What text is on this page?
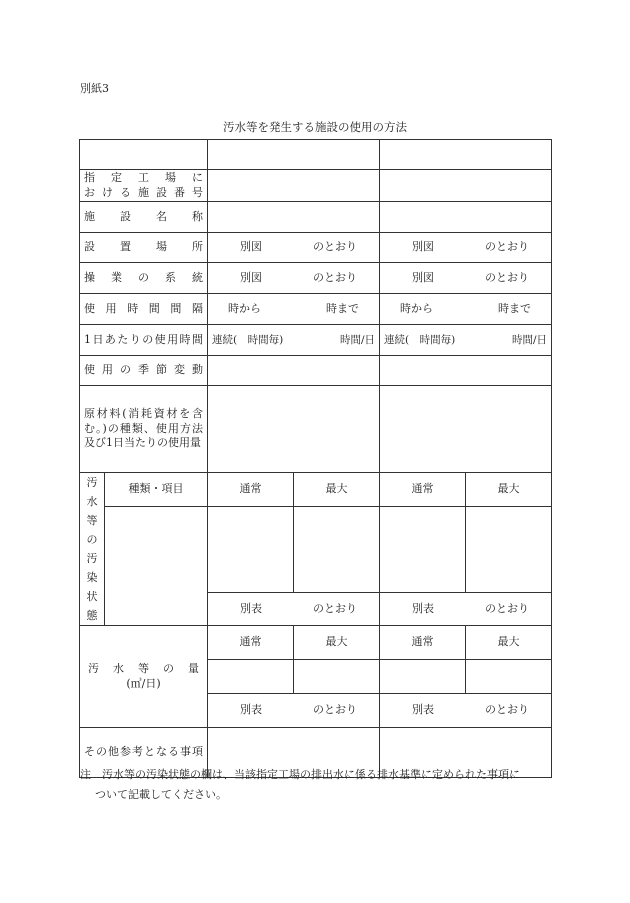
別紙3
汚水等を発生する施設の使用の方法

指定工場に
おける施設番号					

施設名称					

設置場所		別図 のとおり		別図 のとおり	

操業の系統		別図 のとおり		別図 のとおり	

使用時間間隔		時から 時まで		時から 時まで	

1日あたりの使用時間		連続(　時間毎) 時間/日		連続(　時間毎) 時間/日	

使用の季節変動					

原材料(消耗資材を含む。)の種類、使用方法及び1日当たりの使用量					

汚水等の汚染状態	種類・項目	通常	最大	通常	最大

		別表 のとおり		別表 のとおり	

汚水等の量
(㎥/日)		通常	最大	通常	最大

		別表 のとおり		別表 のとおり	

その他参考となる事項					

注　汚水等の汚染状態の欄は、当該指定工場の排出水に係る排水基準に定められた事項に
ついて記載してください。
